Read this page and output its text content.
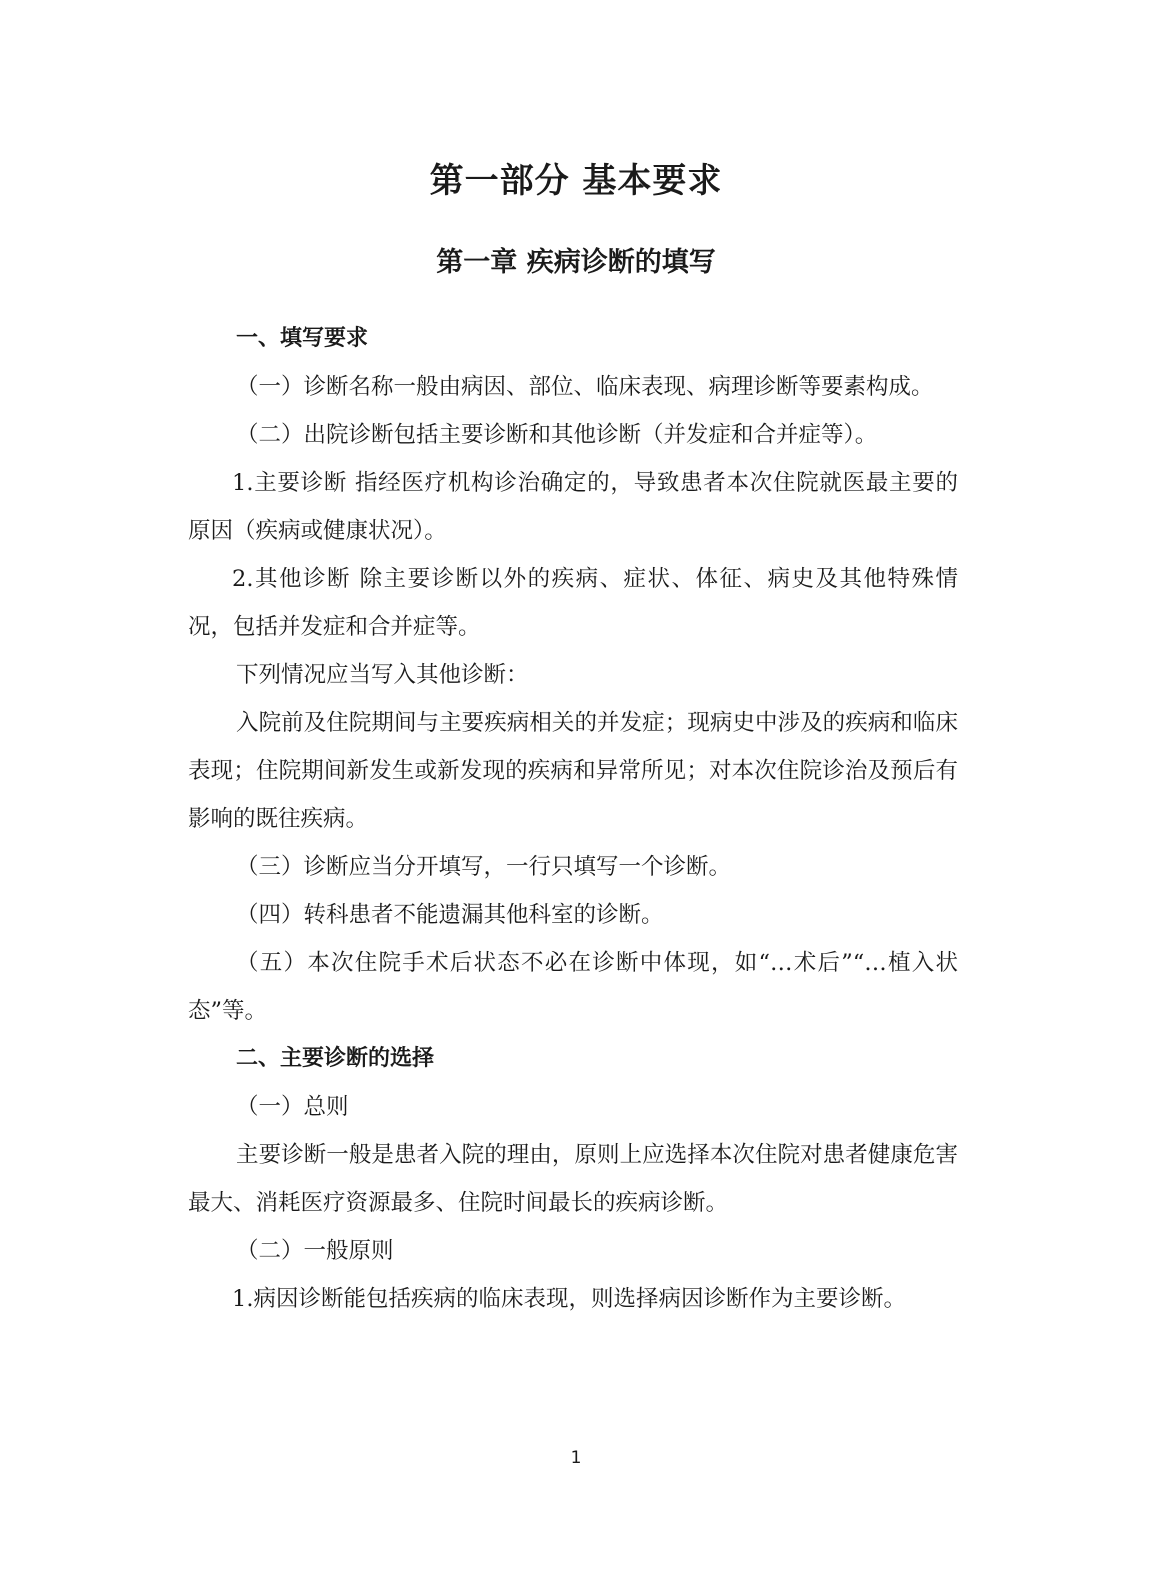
第一部分 基本要求
第一章 疾病诊断的填写

一、填写要求

（一）诊断名称一般由病因、部位、临床表现、病理诊断等要素构成。

（二）出院诊断包括主要诊断和其他诊断（并发症和合并症等）。

1.主要诊断 指经医疗机构诊治确定的，导致患者本次住院就医最主要的原因（疾病或健康状况）。

2.其他诊断 除主要诊断以外的疾病、症状、体征、病史及其他特殊情况，包括并发症和合并症等。

下列情况应当写入其他诊断：

入院前及住院期间与主要疾病相关的并发症；现病史中涉及的疾病和临床表现；住院期间新发生或新发现的疾病和异常所见；对本次住院诊治及预后有影响的既往疾病。

（三）诊断应当分开填写，一行只填写一个诊断。

（四）转科患者不能遗漏其他科室的诊断。

（五）本次住院手术后状态不必在诊断中体现，如“…术后”“…植入状态”等。

二、主要诊断的选择

（一）总则

主要诊断一般是患者入院的理由，原则上应选择本次住院对患者健康危害最大、消耗医疗资源最多、住院时间最长的疾病诊断。

（二）一般原则

1.病因诊断能包括疾病的临床表现，则选择病因诊断作为主要诊断。

1
